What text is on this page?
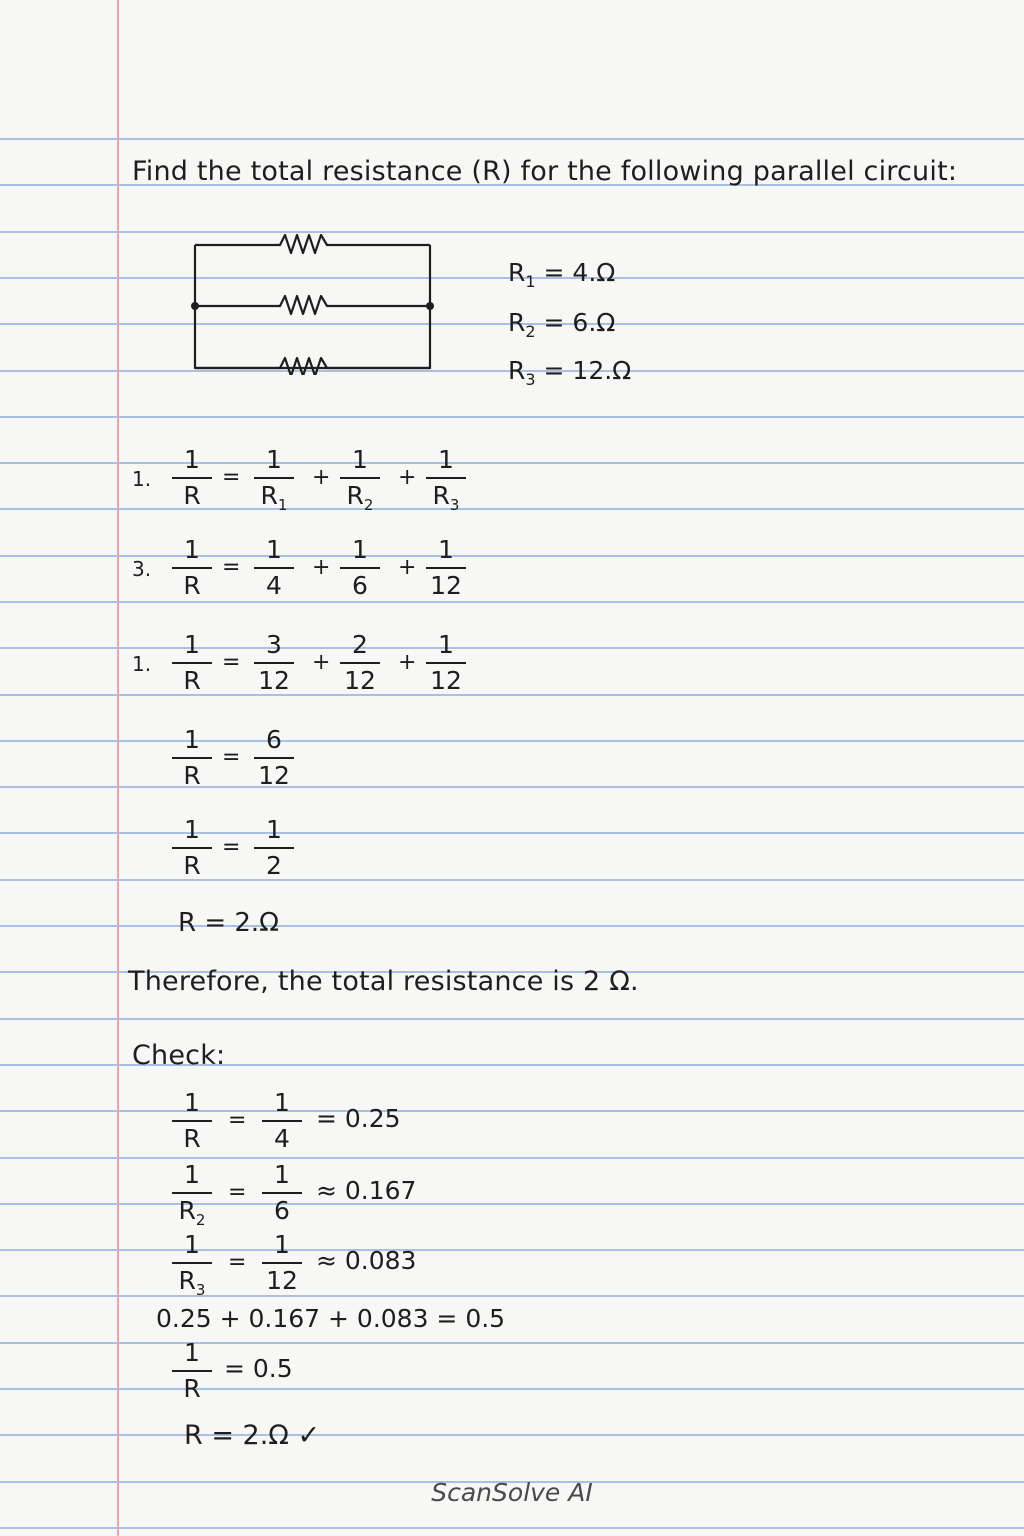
Find the total resistance (R) for the following parallel circuit:
$R_1 = 4.\Omega$
$R_2 = 6.\Omega$
$R_3 = 12.\Omega$
1.
1
R
=
1
$R_1$
+
1
$R_2$
+
1
$R_3$
3.
1
R
=
1
4
+
1
6
+
1
12
1.
1
R
=
3
12
+
2
12
+
1
12
1
R
=
6
12
1
R
=
1
2
R = 2.Ω
Therefore, the total resistance is 2 Ω.
Check:
1
R
=
1
4
= 0.25
1
$R_2$
=
1
6
≈ 0.167
1
$R_3$
=
1
12
≈ 0.083
0.25 + 0.167 + 0.083 = 0.5
1
R
= 0.5
R = 2.Ω ✓
ScanSolve AI
